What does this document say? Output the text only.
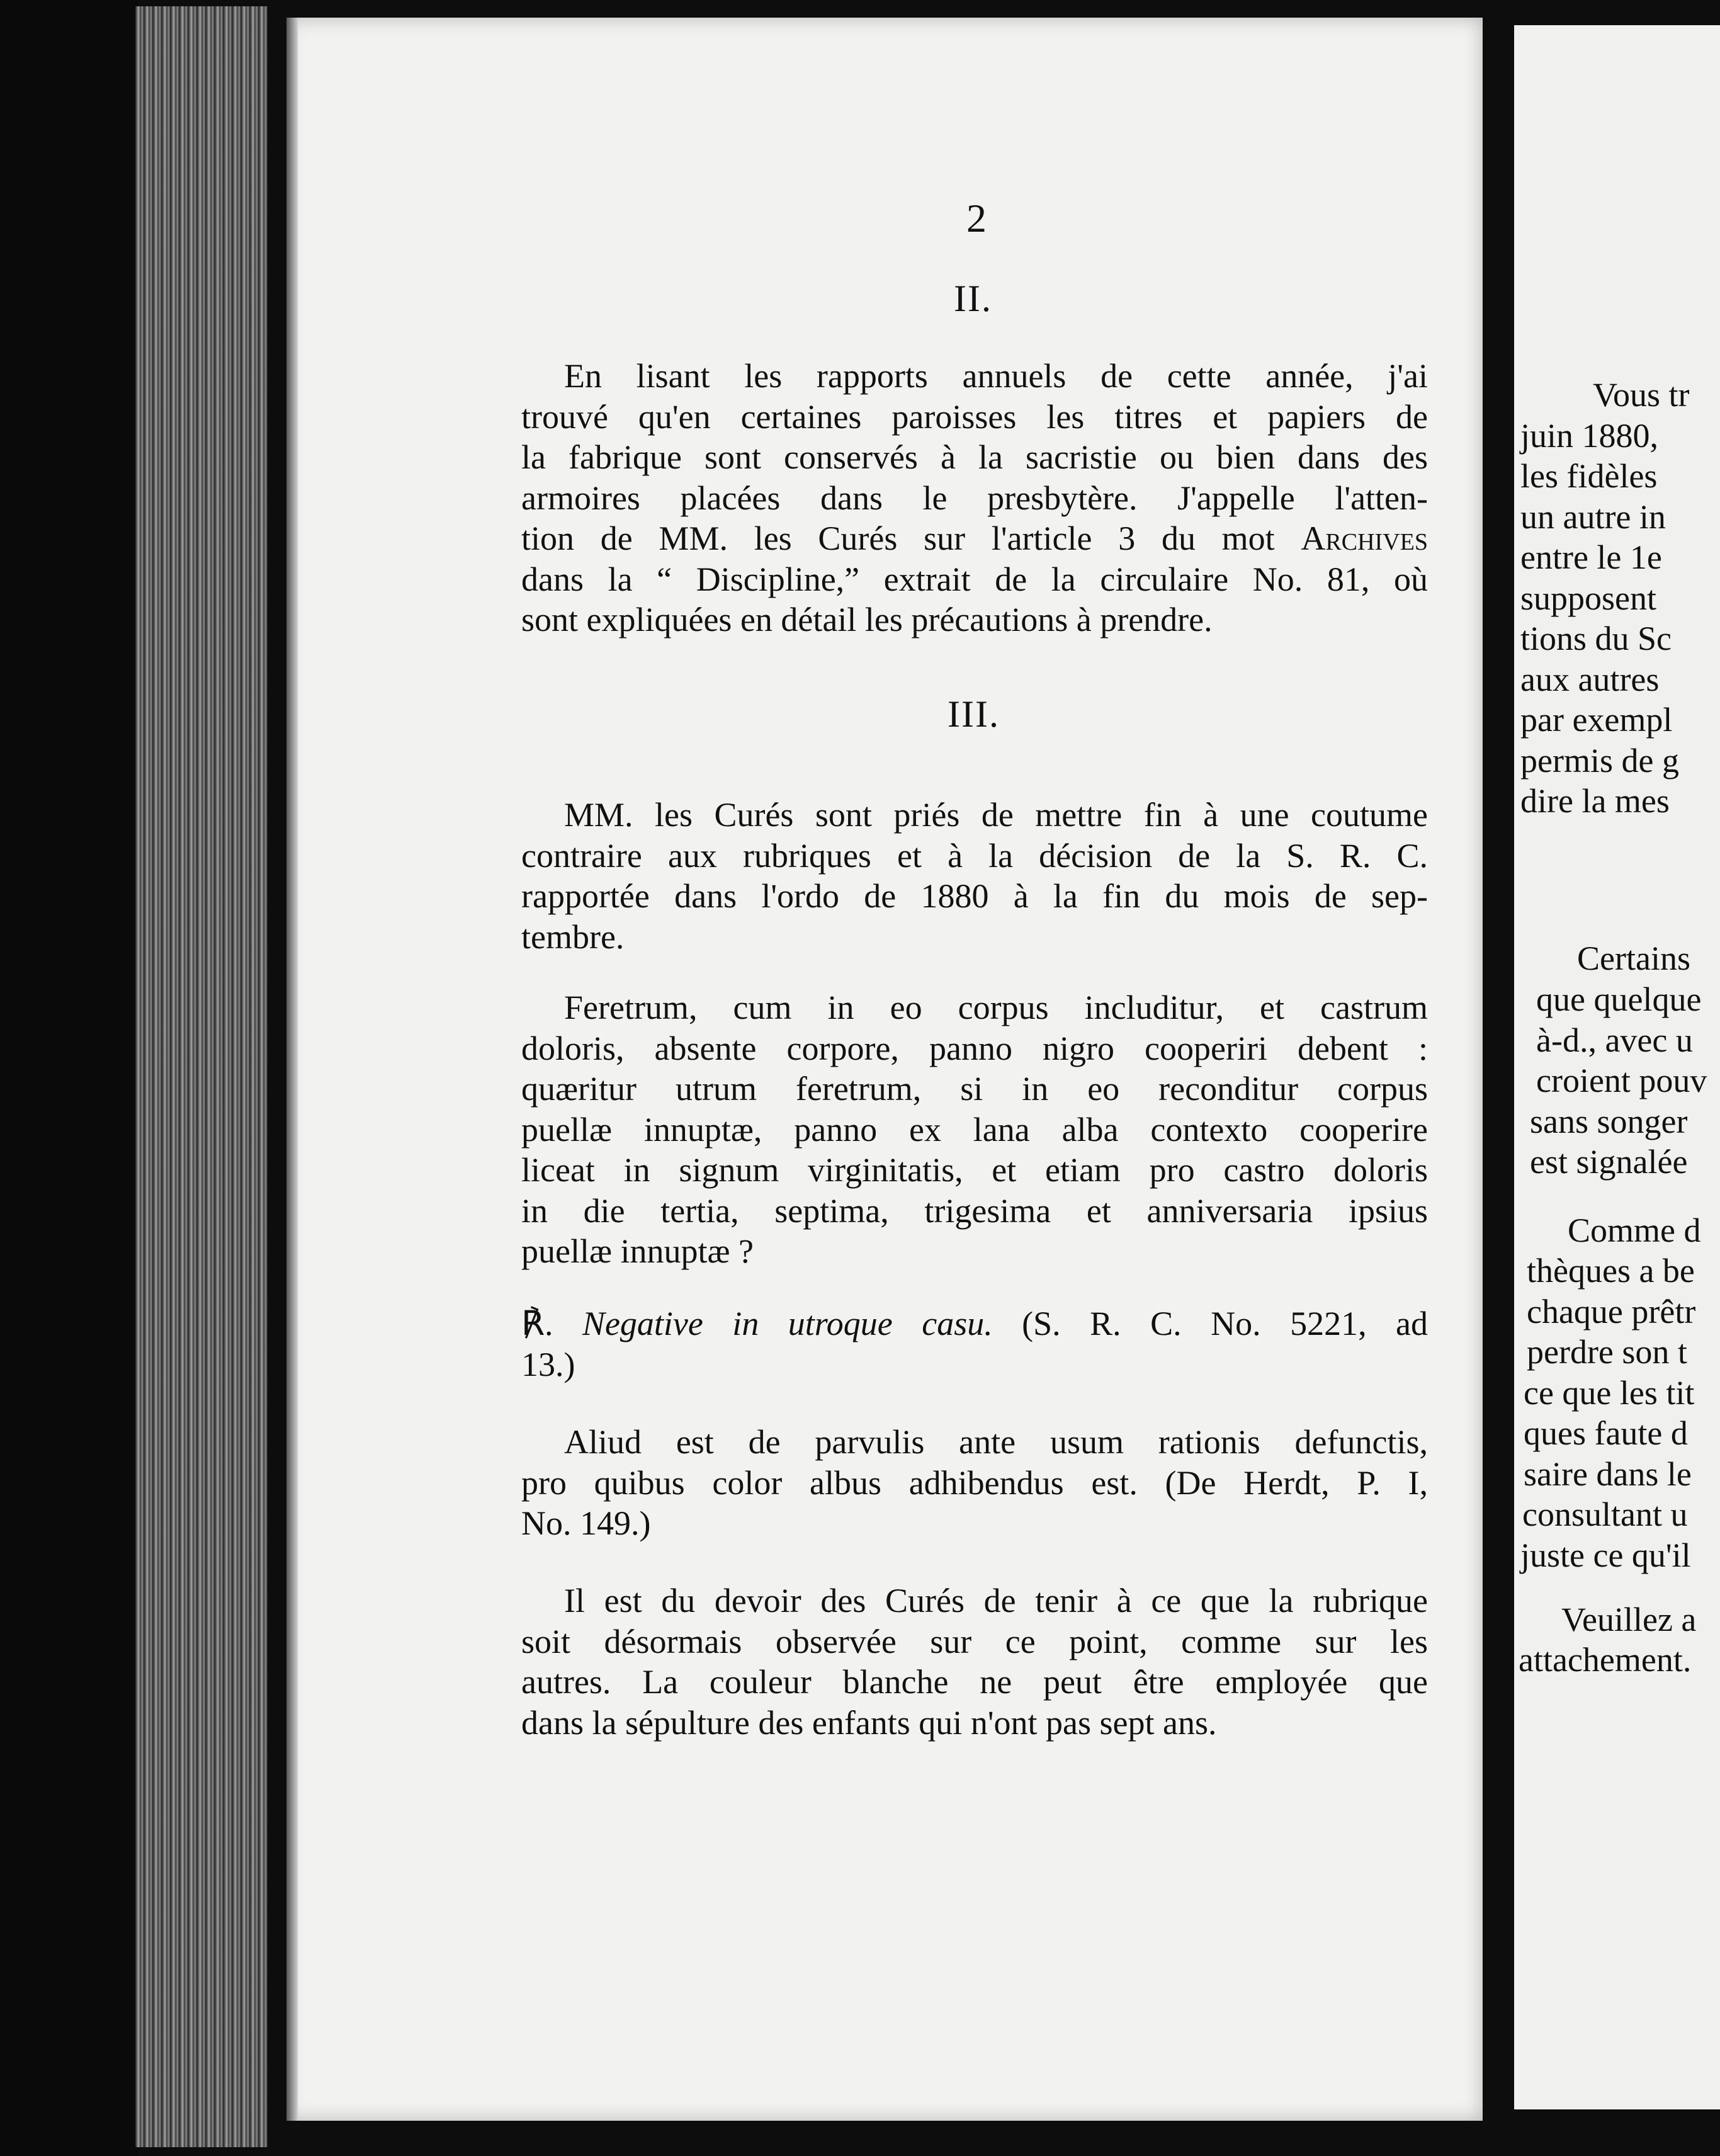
2
II.
En lisant les rapports annuels de cette année, j'ai
trouvé qu'en certaines paroisses les titres et papiers de
la fabrique sont conservés à la sacristie ou bien dans des
armoires placées dans le presbytère. J'appelle l'atten-
tion de MM. les Curés sur l'article 3 du mot Archives
dans la “ Discipline,” extrait de la circulaire No. 81, où
sont expliquées en détail les précautions à prendre.
III.
MM. les Curés sont priés de mettre fin à une coutume
contraire aux rubriques et à la décision de la S. R. C.
rapportée dans l'ordo de 1880 à la fin du mois de sep-
tembre.
Feretrum, cum in eo corpus includitur, et castrum
doloris, absente corpore, panno nigro cooperiri debent :
quæritur utrum feretrum, si in eo reconditur corpus
puellæ innuptæ, panno ex lana alba contexto cooperire
liceat in signum virginitatis, et etiam pro castro doloris
in die tertia, septima, trigesima et anniversaria ipsius
puellæ innuptæ ?
℟. Negative in utroque casu. (S. R. C. No. 5221, ad
13.)
Aliud est de parvulis ante usum rationis defunctis,
pro quibus color albus adhibendus est. (De Herdt, P. I,
No. 149.)
Il est du devoir des Curés de tenir à ce que la rubrique
soit désormais observée sur ce point, comme sur les
autres. La couleur blanche ne peut être employée que
dans la sépulture des enfants qui n'ont pas sept ans.
Vous tr
juin 1880,
les fidèles
un autre in
entre le 1e
supposent
tions du Sc
aux autres
par exempl
permis de g
dire la mes
Certains
que quelque
à-d., avec u
croient pouv
sans songer
est signalée
Comme d
thèques a be
chaque prêtr
perdre son t
ce que les tit
ques faute d
saire dans le
consultant u
juste ce qu'il
Veuillez a
attachement.
